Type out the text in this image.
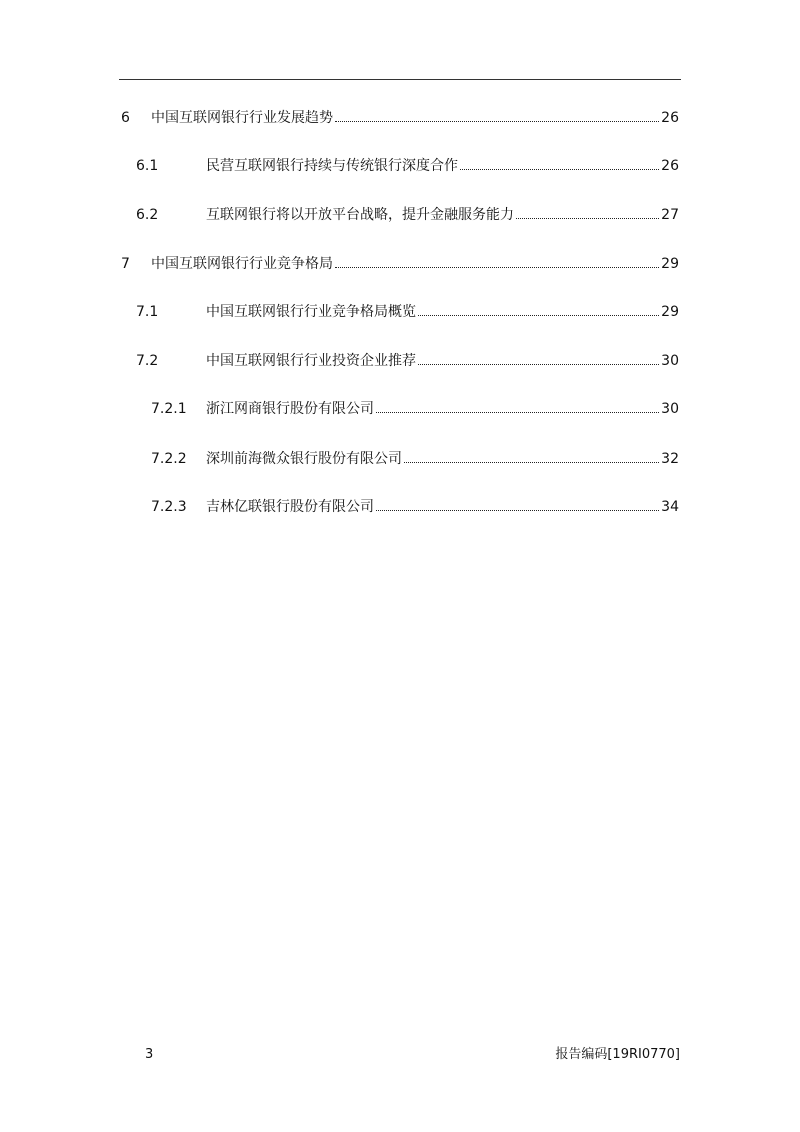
6	中国互联网银行行业发展趋势	26
6.1	民营互联网银行持续与传统银行深度合作	26
6.2	互联网银行将以开放平台战略，提升金融服务能力	27
7	中国互联网银行行业竞争格局	29
7.1	中国互联网银行行业竞争格局概览	29
7.2	中国互联网银行行业投资企业推荐	30
7.2.1	浙江网商银行股份有限公司	30
7.2.2	深圳前海微众银行股份有限公司	32
7.2.3	吉林亿联银行股份有限公司	34
3	报告编码[19RI0770]
